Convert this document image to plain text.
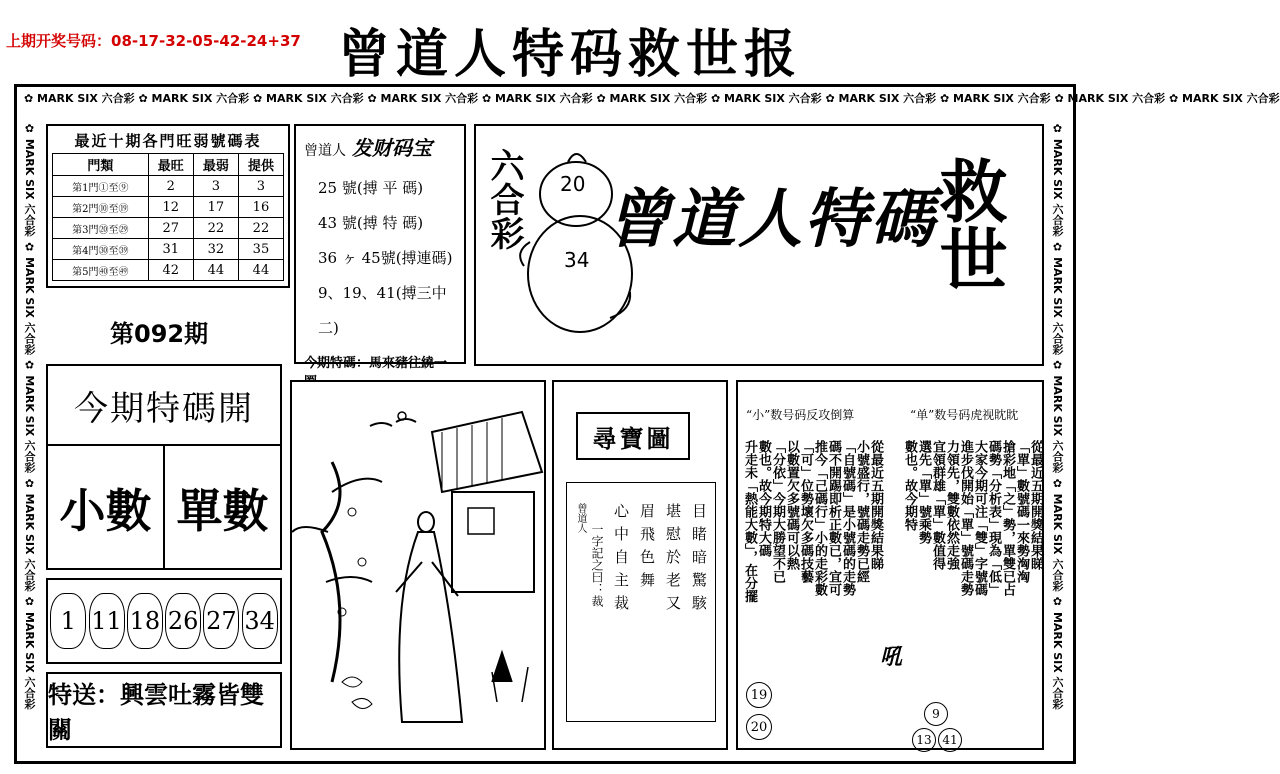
上期开奖号码：08-17-32-05-42-24+37 曾道人特码救世报
✿ MARK SIX 六合彩 ✿ MARK SIX 六合彩 ✿ MARK SIX 六合彩 ✿ MARK SIX 六合彩 ✿ MARK SIX 六合彩 ✿ MARK SIX 六合彩 ✿ MARK SIX 六合彩 ✿ MARK SIX 六合彩 ✿ MARK SIX 六合彩 ✿ MARK SIX 六合彩 ✿ MARK SIX 六合彩
✿ MARK SIX 六合彩 ✿ MARK SIX 六合彩 ✿ MARK SIX 六合彩 ✿ MARK SIX 六合彩 ✿ MARK SIX 六合彩
✿ MARK SIX 六合彩 ✿ MARK SIX 六合彩 ✿ MARK SIX 六合彩 ✿ MARK SIX 六合彩 ✿ MARK SIX 六合彩
最近十期各門旺弱號碼表
門類	最旺	最弱	提供
第1門①至⑨	2	3	3
第2門⑩至⑲	12	17	16
第3門⑳至㉙	27	22	22
第4門㉚至㊴	31	32	35
第5門㊵至㊾	42	44	44
曾道人 发财码宝
25 號(搏 平 碼)
43 號(搏 特 碼)
36 ヶ 45號(搏連碼)
9、19、41(搏三中二)
今期特碼：馬來豬往繞一
六合彩 20
34
曾道人特碼
救世
第092期
今期特碼開
小數 單數
1 11 18 26 27 34
特送：興雲吐霧皆雙關
尋寶圖
曾道人
一字記之曰：裁	目睹暗驚駭
堪慰於老又
眉飛色舞
心中自主裁
“小”数号码反攻倒算	“单”数号码虎视眈眈
從最近五期開獎結果睇
小號盛行，號碼走勢已經
「自號碼」是小號碼的走勢
碼不開踢即析正數已，宜可
推今「己碼行」小的走彩數
「可」位勢壞欠多碼技藝
以數置欠多號碼可以熱
「分依」今期大勝望不已
數也。故今期特大碼
升走未「熱能大數」，在分擺	從最近五期開獎結果睇
「單」數號碼一來勢洶洶
搶彩地「之」勢，單雙已占
碼勢「分析表」現為「低」
大家今期可注「雙」字號碼
進步伐開始「單」號碼走勢
力領先，雙數依然走強
宜領群雄「單」數值得
選先「單」號乘勢
數也。故今期特
19
20
吼
9
13 41
